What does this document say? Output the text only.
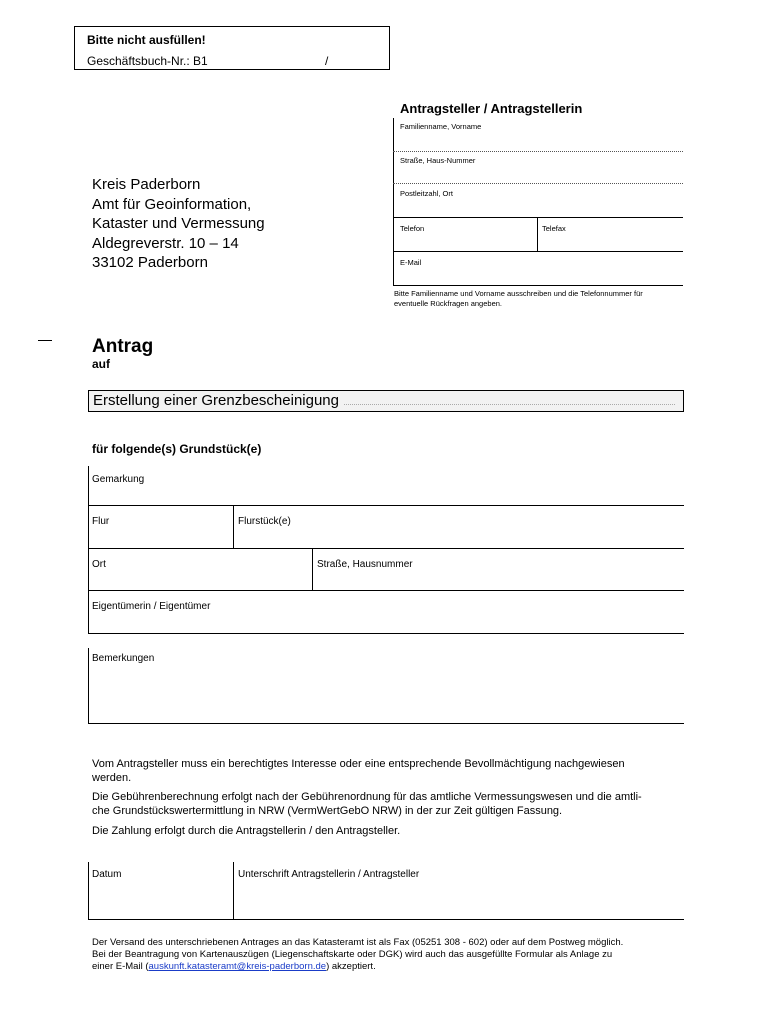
Bitte nicht ausfüllen!
Geschäftsbuch-Nr.: B1	/
Antragsteller / Antragstellerin
Familienname, Vorname
Straße, Haus-Nummer
Postleitzahl, Ort
Telefon	Telefax
E-Mail
Bitte Familienname und Vorname ausschreiben und die Telefonnummer für
eventuelle Rückfragen angeben.
Kreis Paderborn
Amt für Geoinformation,
Kataster und Vermessung
Aldegreverstr. 10 – 14
33102 Paderborn
Antrag
auf
Erstellung einer Grenzbescheinigung
für folgende(s) Grundstück(e)
Gemarkung
Flur	Flurstück(e)
Ort	Straße, Hausnummer
Eigentümerin / Eigentümer
Bemerkungen
Vom Antragsteller muss ein berechtigtes Interesse oder eine entsprechende Bevollmächtigung nachgewiesen
werden.
Die Gebührenberechnung erfolgt nach der Gebührenordnung für das amtliche Vermessungswesen und die amtli-
che Grundstückswertermittlung in NRW (VermWertGebO NRW) in der zur Zeit gültigen Fassung.
Die Zahlung erfolgt durch die Antragstellerin / den Antragsteller.
Datum	Unterschrift Antragstellerin / Antragsteller
Der Versand des unterschriebenen Antrages an das Katasteramt ist als Fax (05251 308 - 602) oder auf dem Postweg möglich.
Bei der Beantragung von Kartenauszügen (Liegenschaftskarte oder DGK) wird auch das ausgefüllte Formular als Anlage zu
einer E-Mail (auskunft.katasteramt@kreis-paderborn.de) akzeptiert.
